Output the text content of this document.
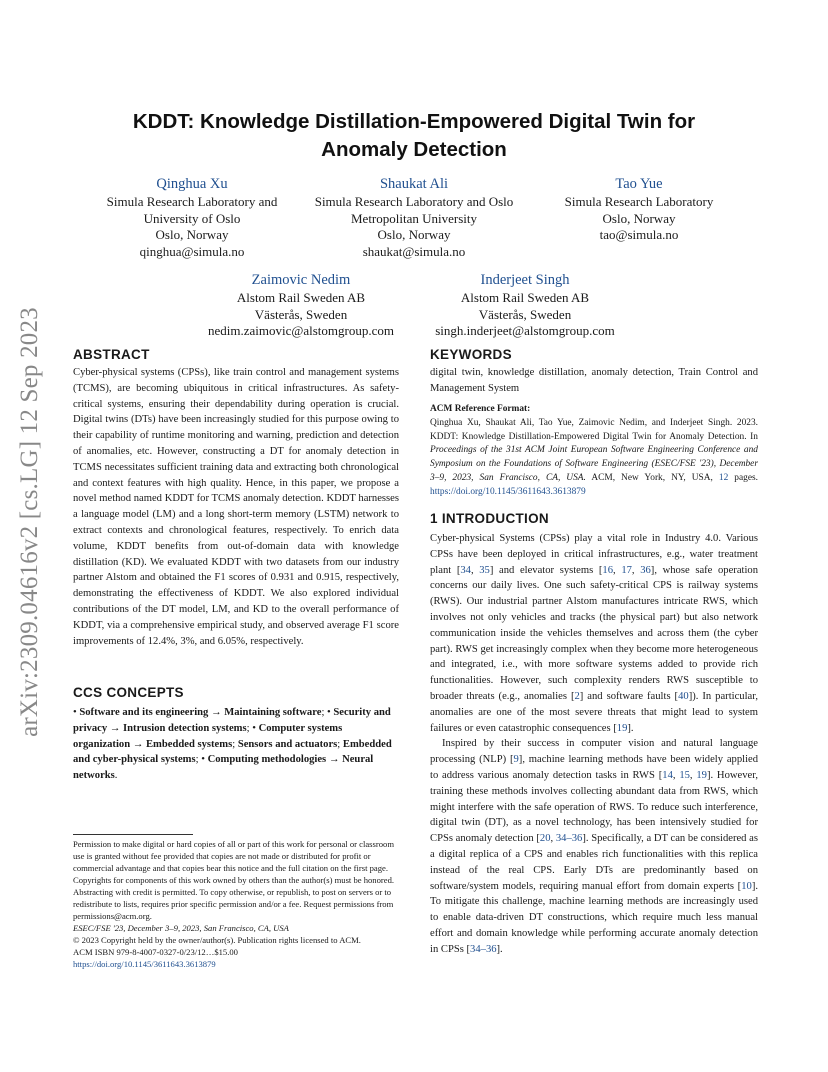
arXiv:2309.04616v2 [cs.LG] 12 Sep 2023
KDDT: Knowledge Distillation-Empowered Digital Twin for
Anomaly Detection
Qinghua Xu
Simula Research Laboratory and
University of Oslo
Oslo, Norway
qinghua@simula.no
Shaukat Ali
Simula Research Laboratory and Oslo
Metropolitan University
Oslo, Norway
shaukat@simula.no
Tao Yue
Simula Research Laboratory
Oslo, Norway
tao@simula.no
Zaimovic Nedim
Alstom Rail Sweden AB
Västerås, Sweden
nedim.zaimovic@alstomgroup.com
Inderjeet Singh
Alstom Rail Sweden AB
Västerås, Sweden
singh.inderjeet@alstomgroup.com
ABSTRACT

Cyber-physical systems (CPSs), like train control and management systems (TCMS), are becoming ubiquitous in critical infrastructures. As safety-critical systems, ensuring their dependability during operation is crucial. Digital twins (DTs) have been increasingly studied for this purpose owing to their capability of runtime monitoring and warning, prediction and detection of anomalies, etc. However, constructing a DT for anomaly detection in TCMS necessitates sufficient training data and extracting both chronological and context features with high quality. Hence, in this paper, we propose a novel method named KDDT for TCMS anomaly detection. KDDT harnesses a language model (LM) and a long short-term memory (LSTM) network to extract contexts and chronological features, respectively. To enrich data volume, KDDT benefits from out-of-domain data with knowledge distillation (KD). We evaluated KDDT with two datasets from our industry partner Alstom and obtained the F1 scores of 0.931 and 0.915, respectively, demonstrating the effectiveness of KDDT. We also explored individual contributions of the DT model, LM, and KD to the overall performance of KDDT, via a comprehensive empirical study, and observed average F1 score improvements of 12.4%, 3%, and 6.05%, respectively.

CCS CONCEPTS

• Software and its engineering → Maintaining software; • Security and privacy → Intrusion detection systems; • Computer systems organization → Embedded systems; Sensors and actuators; Embedded and cyber-physical systems; • Computing methodologies → Neural networks.

Permission to make digital or hard copies of all or part of this work for personal or classroom use is granted without fee provided that copies are not made or distributed for profit or commercial advantage and that copies bear this notice and the full citation on the first page. Copyrights for components of this work owned by others than the author(s) must be honored. Abstracting with credit is permitted. To copy otherwise, or republish, to post on servers or to redistribute to lists, requires prior specific permission and/or a fee. Request permissions from permissions@acm.org.
ESEC/FSE '23, December 3–9, 2023, San Francisco, CA, USA
© 2023 Copyright held by the owner/author(s). Publication rights licensed to ACM.
ACM ISBN 979-8-4007-0327-0/23/12…$15.00
https://doi.org/10.1145/3611643.3613879
KEYWORDS

digital twin, knowledge distillation, anomaly detection, Train Control and Management System

ACM Reference Format:

Qinghua Xu, Shaukat Ali, Tao Yue, Zaimovic Nedim, and Inderjeet Singh. 2023. KDDT: Knowledge Distillation-Empowered Digital Twin for Anomaly Detection. In Proceedings of the 31st ACM Joint European Software Engineering Conference and Symposium on the Foundations of Software Engineering (ESEC/FSE '23), December 3–9, 2023, San Francisco, CA, USA. ACM, New York, NY, USA, 12 pages. https://doi.org/10.1145/3611643.3613879

1 INTRODUCTION

Cyber-physical Systems (CPSs) play a vital role in Industry 4.0. Various CPSs have been deployed in critical infrastructures, e.g., water treatment plant [34, 35] and elevator systems [16, 17, 36], whose safe operation concerns our daily lives. One such safety-critical CPS is railway systems (RWS). Our industrial partner Alstom manufactures intricate RWS, which involves not only vehicles and tracks (the physical part) but also network communication inside the vehicles themselves and across them (the cyber part). RWS get increasingly complex when they become more heterogeneous and integrated, i.e., with more software systems added to provide rich functionalities. However, such complexity renders RWS susceptible to broader threats (e.g., anomalies [2] and software faults [40]). In particular, anomalies are one of the most severe threats that might lead to system failures or even catastrophic consequences [19].

Inspired by their success in computer vision and natural language processing (NLP) [9], machine learning methods have been widely applied to address various anomaly detection tasks in RWS [14, 15, 19]. However, training these methods involves collecting abundant data from RWS, which might interfere with the safe operation of RWS. To reduce such interference, digital twin (DT), as a novel technology, has been intensively studied for CPSs anomaly detection [20, 34–36]. Specifically, a DT can be considered as a digital replica of a CPS and enables rich functionalities with this replica instead of the real CPS. Early DTs are predominantly based on software/system models, requiring manual effort from domain experts [10]. To mitigate this challenge, machine learning methods are increasingly used to enable data-driven DT constructions, which require much less manual effort and domain knowledge while performing accurate anomaly detection in CPSs [34–36].
